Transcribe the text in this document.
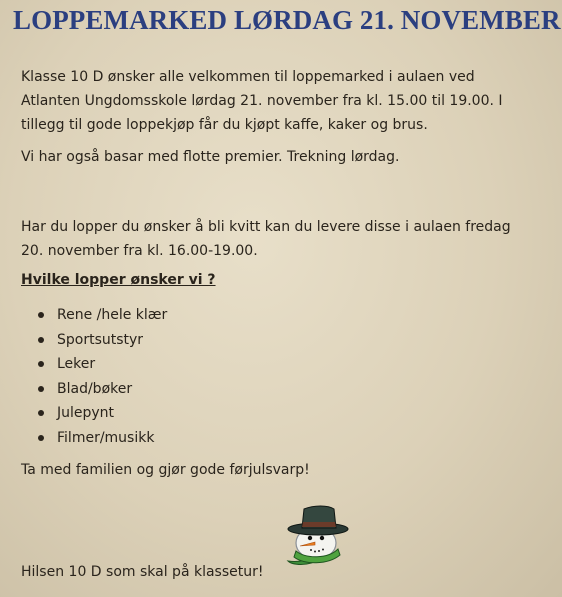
LOPPEMARKED LØRDAG 21. NOVEMBER

Klasse 10 D ønsker alle velkommen til loppemarked i aulaen ved Atlanten Ungdomsskole lørdag 21. november fra kl. 15.00 til 19.00. I tillegg til gode loppekjøp får du kjøpt kaffe, kaker og brus.

Vi har også basar med flotte premier. Trekning lørdag.

Har du lopper du ønsker å bli kvitt kan du levere disse i aulaen fredag 20. november fra kl. 16.00-19.00.

Hvilke lopper ønsker vi ?

Rene /hele klær
Sportsutstyr
Leker
Blad/bøker
Julepynt
Filmer/musikk

Ta med familien og gjør gode førjulsvarp!

Hilsen 10 D som skal på klassetur!
